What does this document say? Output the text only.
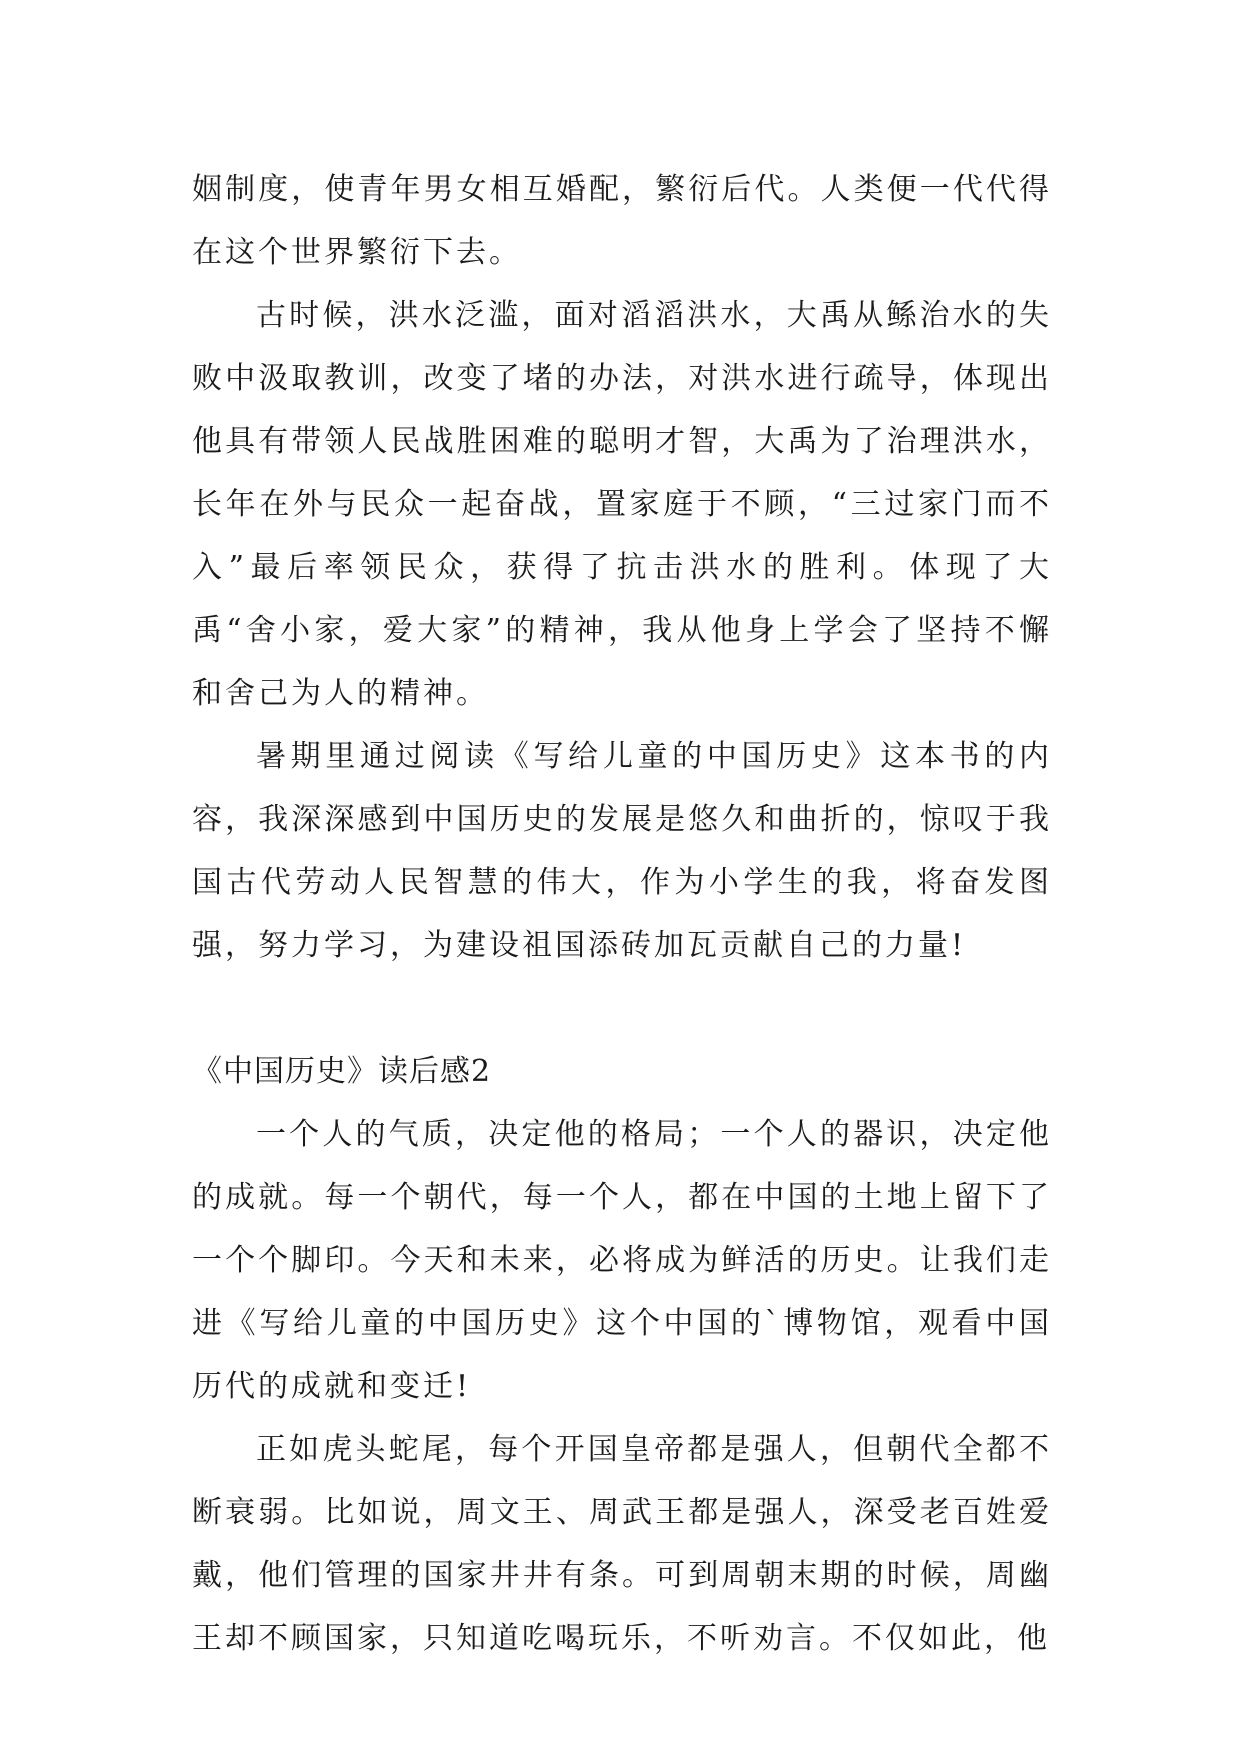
姻制度，使青年男女相互婚配，繁衍后代。人类便一代代得在这个世界繁衍下去。

古时候，洪水泛滥，面对滔滔洪水，大禹从鲧治水的失败中汲取教训，改变了堵的办法，对洪水进行疏导，体现出他具有带领人民战胜困难的聪明才智，大禹为了治理洪水，长年在外与民众一起奋战，置家庭于不顾，“三过家门而不入”最后率领民众，获得了抗击洪水的胜利。体现了大禹“舍小家，爱大家”的精神，我从他身上学会了坚持不懈和舍己为人的精神。

暑期里通过阅读《写给儿童的中国历史》这本书的内容，我深深感到中国历史的发展是悠久和曲折的，惊叹于我国古代劳动人民智慧的伟大，作为小学生的我，将奋发图强，努力学习，为建设祖国添砖加瓦贡献自己的力量!

《中国历史》读后感2

一个人的气质，决定他的格局；一个人的器识，决定他的成就。每一个朝代，每一个人，都在中国的土地上留下了一个个脚印。今天和未来，必将成为鲜活的历史。让我们走进《写给儿童的中国历史》这个中国的`博物馆，观看中国历代的成就和变迁!

正如虎头蛇尾，每个开国皇帝都是强人，但朝代全都不断衰弱。比如说，周文王、周武王都是强人，深受老百姓爱戴，他们管理的国家井井有条。可到周朝末期的时候，周幽王却不顾国家，只知道吃喝玩乐，不听劝言。不仅如此，他
